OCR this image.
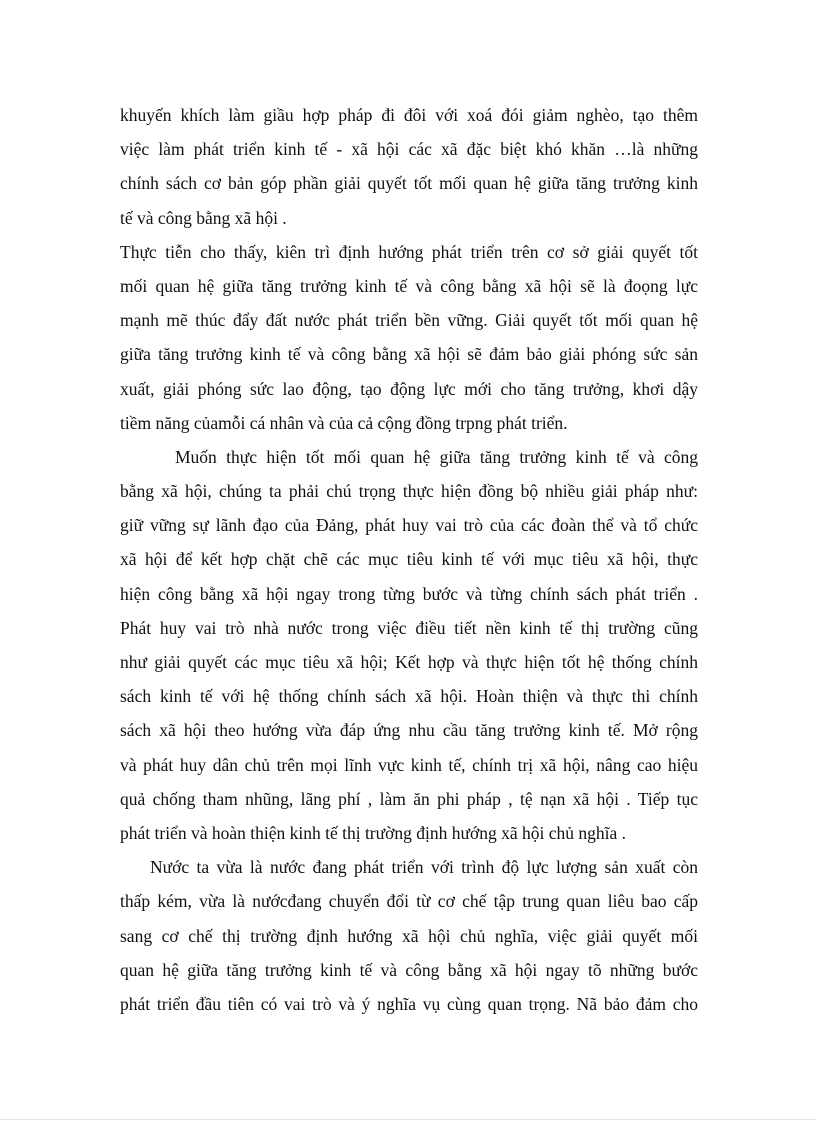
khuyến khích làm giầu hợp pháp đi đôi với xoá đói giảm nghèo, tạo thêm
việc làm phát triển kinh tế - xã hội các xã đặc biệt khó khăn …là những
chính sách cơ bản góp phần giải quyết tốt mối quan hệ giữa tăng trưởng kinh
tế và công bằng xã hội .
Thực tiễn cho thấy, kiên trì định hướng phát triển trên cơ sở giải quyết tốt
mối quan hệ giữa tăng trưởng kinh tế và công bằng xã hội sẽ là đoọng lực
mạnh mẽ thúc đẩy đất nước phát triển bền vững. Giải quyết tốt mối quan hệ
giữa tăng trưởng kinh tế và công bằng xã hội sẽ đảm bảo giải phóng sức sản
xuất, giải phóng sức lao động, tạo động lực mới cho tăng trưởng, khơi dậy
tiềm năng củamỗi cá nhân và của cả cộng đồng trpng phát triển.
Muốn thực hiện tốt mối quan hệ giữa tăng trưởng kinh tế và công
bằng xã hội, chúng ta phải chú trọng thực hiện đồng bộ nhiều giải pháp như:
giữ vững sự lãnh đạo của Đảng, phát huy vai trò của các đoàn thể và tổ chức
xã hội để kết hợp chặt chẽ các mục tiêu kinh tế với mục tiêu xã hội, thực
hiện công bằng xã hội ngay trong từng bước và từng chính sách phát triển .
Phát huy vai trò nhà nước trong việc điều tiết nền kinh tế thị trường cũng
như giải quyết các mục tiêu xã hội; Kết hợp và thực hiện tốt hệ thống chính
sách kinh tế với hệ thống chính sách xã hội. Hoàn thiện và thực thi chính
sách xã hội theo hướng vừa đáp ứng nhu cầu tăng trưởng kinh tế. Mở rộng
và phát huy dân chủ trên mọi lĩnh vực kinh tế, chính trị xã hội, nâng cao hiệu
quả chống tham nhũng, lãng phí , làm ăn phi pháp , tệ nạn xã hội . Tiếp tục
phát triển và hoàn thiện kinh tế thị trường định hướng xã hội chủ nghĩa .
Nước ta vừa là nước đang phát triển với trình độ lực lượng sản xuất còn
thấp kém, vừa là nướcđang chuyển đổi từ cơ chế tập trung quan liêu bao cấp
sang cơ chế thị trường định hướng xã hội chủ nghĩa, việc giải quyết mối
quan hệ giữa tăng trưởng kinh tế và công bằng xã hội ngay tõ những bước
phát triển đầu tiên có vai trò và ý nghĩa vụ cùng quan trọng. Nã bảo đảm cho
